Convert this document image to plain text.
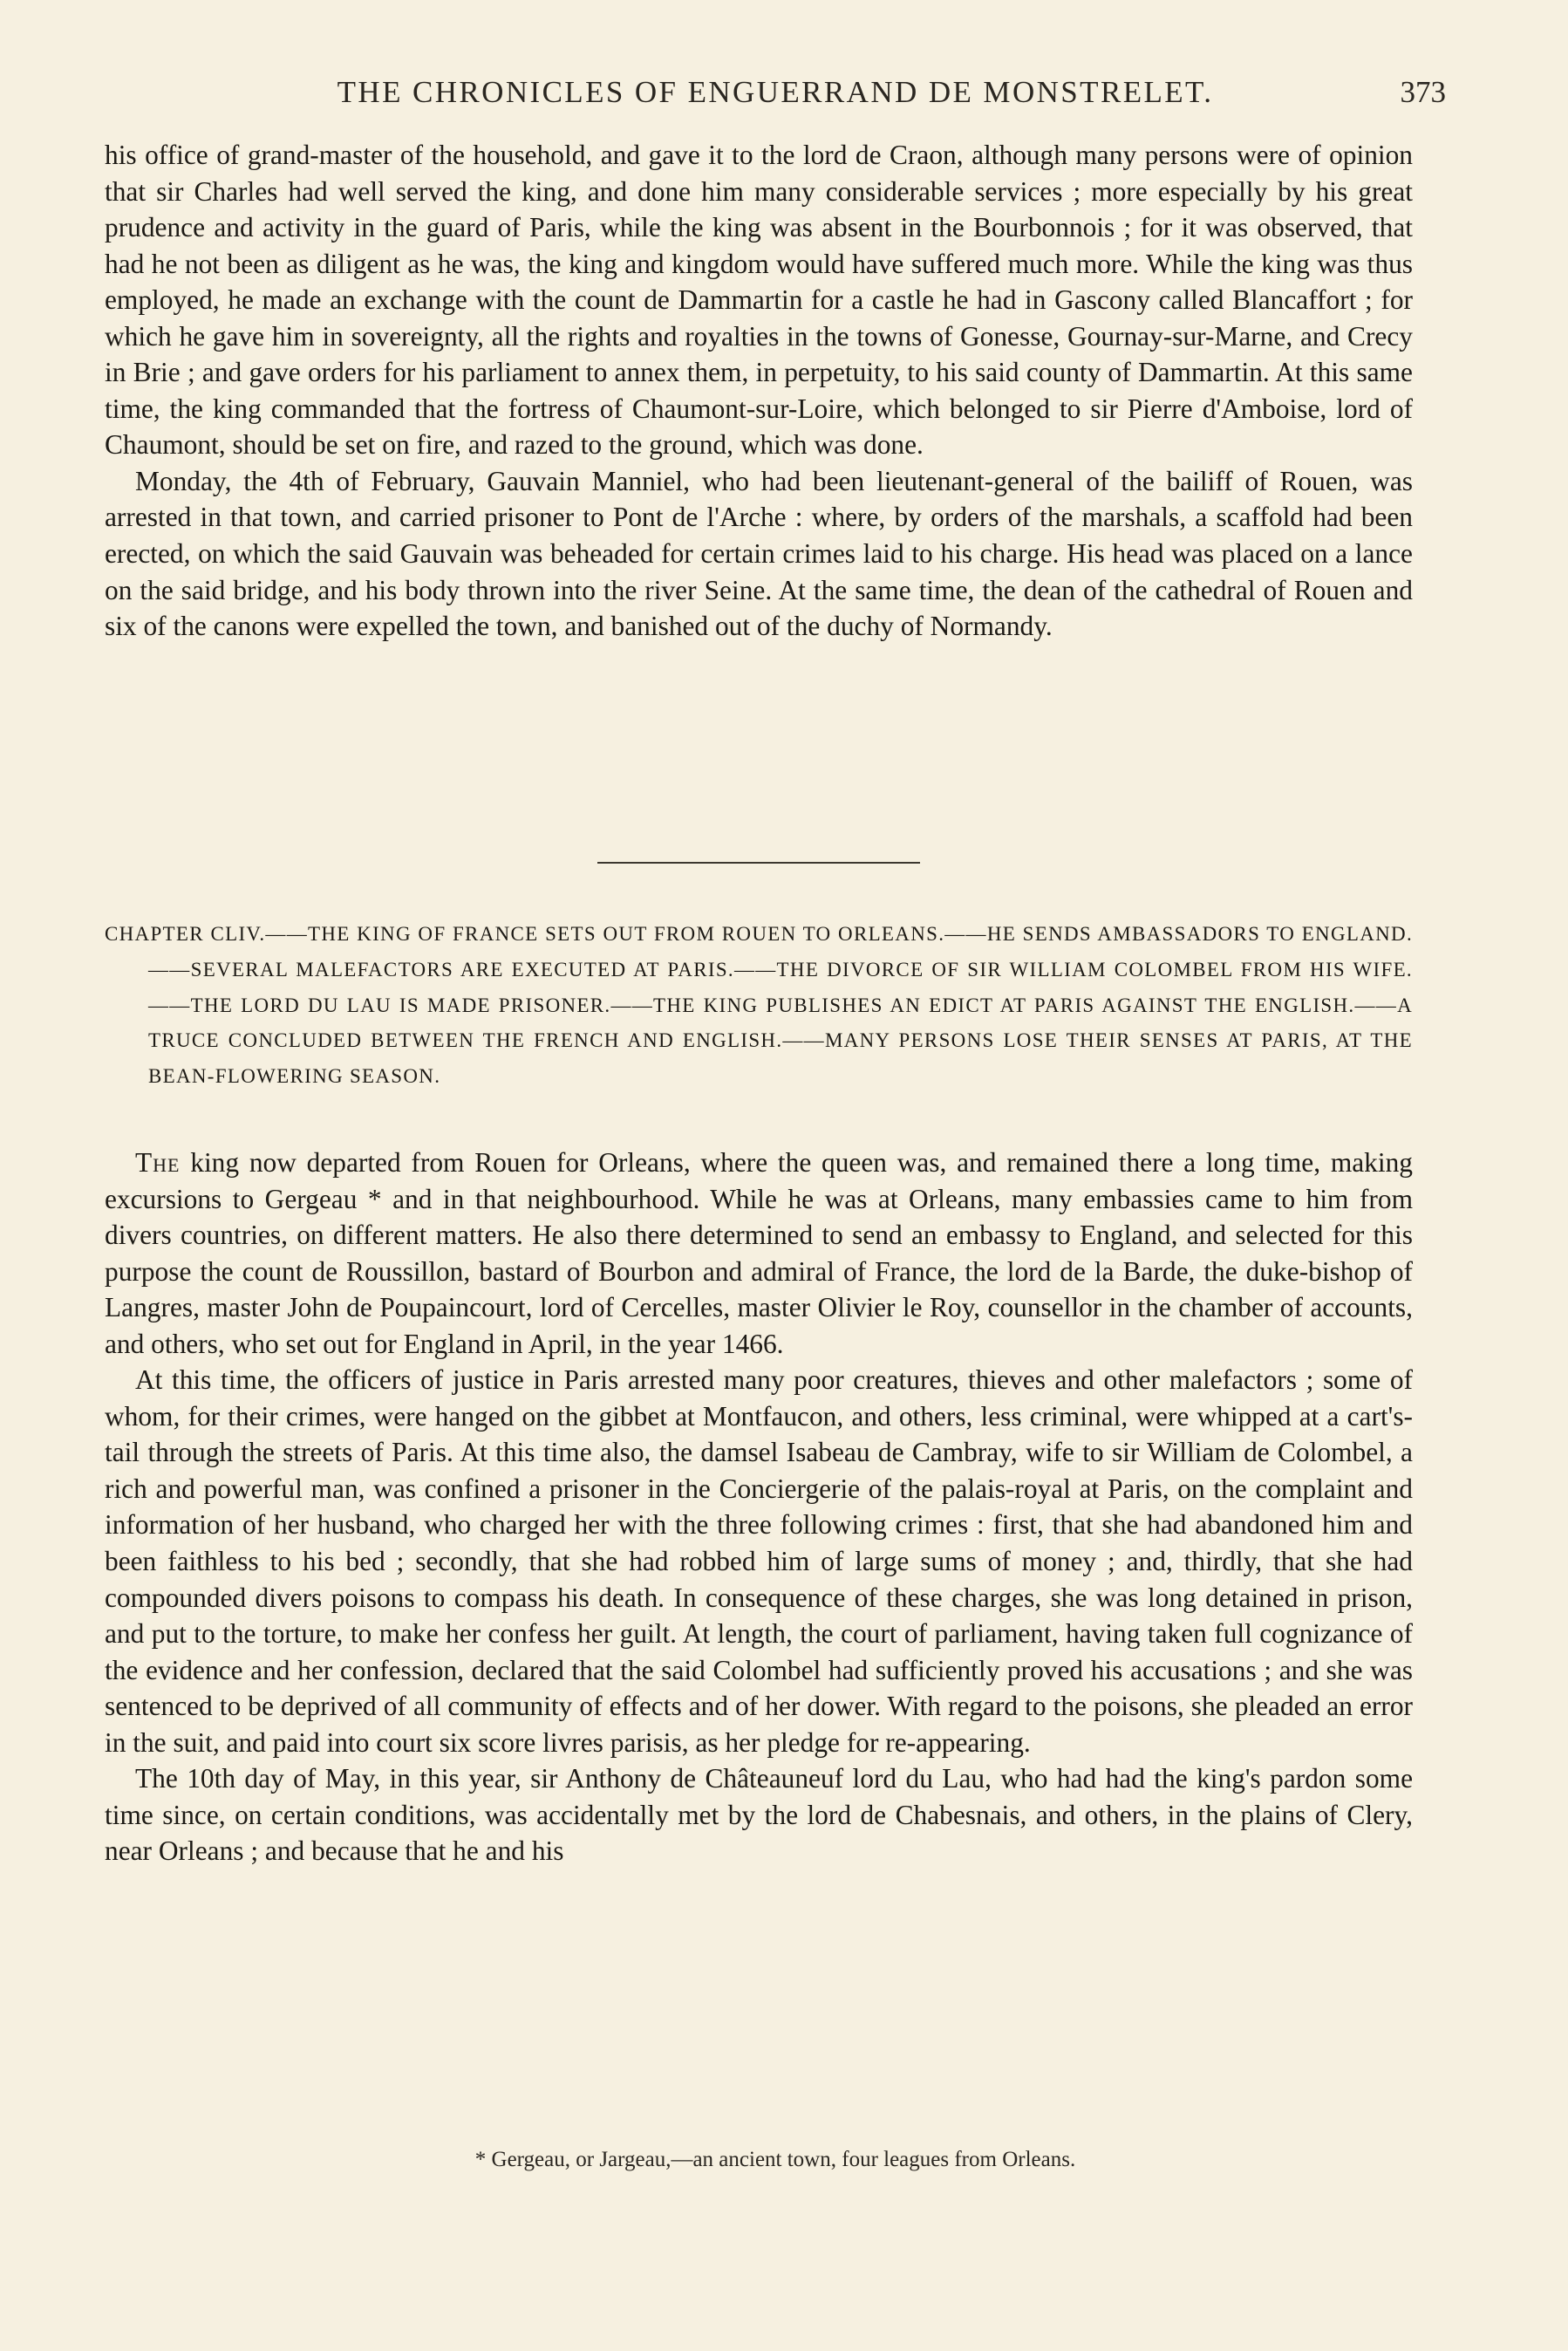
THE CHRONICLES OF ENGUERRAND DE MONSTRELET.	373

his office of grand-master of the household, and gave it to the lord de Craon, although many persons were of opinion that sir Charles had well served the king, and done him many considerable services ; more especially by his great prudence and activity in the guard of Paris, while the king was absent in the Bourbonnois ; for it was observed, that had he not been as diligent as he was, the king and kingdom would have suffered much more. While the king was thus employed, he made an exchange with the count de Dammartin for a castle he had in Gascony called Blancaffort ; for which he gave him in sovereignty, all the rights and royalties in the towns of Gonesse, Gournay-sur-Marne, and Crecy in Brie ; and gave orders for his parliament to annex them, in perpetuity, to his said county of Dammartin. At this same time, the king commanded that the fortress of Chaumont-sur-Loire, which belonged to sir Pierre d'Amboise, lord of Chaumont, should be set on fire, and razed to the ground, which was done.

Monday, the 4th of February, Gauvain Manniel, who had been lieutenant-general of the bailiff of Rouen, was arrested in that town, and carried prisoner to Pont de l'Arche : where, by orders of the marshals, a scaffold had been erected, on which the said Gauvain was beheaded for certain crimes laid to his charge. His head was placed on a lance on the said bridge, and his body thrown into the river Seine. At the same time, the dean of the cathedral of Rouen and six of the canons were expelled the town, and banished out of the duchy of Normandy.

CHAPTER CLIV.——THE KING OF FRANCE SETS OUT FROM ROUEN TO ORLEANS.——HE SENDS AMBASSADORS TO ENGLAND.——SEVERAL MALEFACTORS ARE EXECUTED AT PARIS.——THE DIVORCE OF SIR WILLIAM COLOMBEL FROM HIS WIFE.——THE LORD DU LAU IS MADE PRISONER.——THE KING PUBLISHES AN EDICT AT PARIS AGAINST THE ENGLISH.——A TRUCE CONCLUDED BETWEEN THE FRENCH AND ENGLISH.——MANY PERSONS LOSE THEIR SENSES AT PARIS, AT THE BEAN-FLOWERING SEASON.

The king now departed from Rouen for Orleans, where the queen was, and remained there a long time, making excursions to Gergeau * and in that neighbourhood. While he was at Orleans, many embassies came to him from divers countries, on different matters. He also there determined to send an embassy to England, and selected for this purpose the count de Roussillon, bastard of Bourbon and admiral of France, the lord de la Barde, the duke-bishop of Langres, master John de Poupaincourt, lord of Cercelles, master Olivier le Roy, counsellor in the chamber of accounts, and others, who set out for England in April, in the year 1466.

At this time, the officers of justice in Paris arrested many poor creatures, thieves and other malefactors ; some of whom, for their crimes, were hanged on the gibbet at Montfaucon, and others, less criminal, were whipped at a cart's-tail through the streets of Paris. At this time also, the damsel Isabeau de Cambray, wife to sir William de Colombel, a rich and powerful man, was confined a prisoner in the Conciergerie of the palais-royal at Paris, on the complaint and information of her husband, who charged her with the three following crimes : first, that she had abandoned him and been faithless to his bed ; secondly, that she had robbed him of large sums of money ; and, thirdly, that she had compounded divers poisons to compass his death. In consequence of these charges, she was long detained in prison, and put to the torture, to make her confess her guilt. At length, the court of parliament, having taken full cognizance of the evidence and her confession, declared that the said Colombel had sufficiently proved his accusations ; and she was sentenced to be deprived of all community of effects and of her dower. With regard to the poisons, she pleaded an error in the suit, and paid into court six score livres parisis, as her pledge for re-appearing.

The 10th day of May, in this year, sir Anthony de Châteauneuf lord du Lau, who had had the king's pardon some time since, on certain conditions, was accidentally met by the lord de Chabesnais, and others, in the plains of Clery, near Orleans ; and because that he and his

* Gergeau, or Jargeau,—an ancient town, four leagues from Orleans.
